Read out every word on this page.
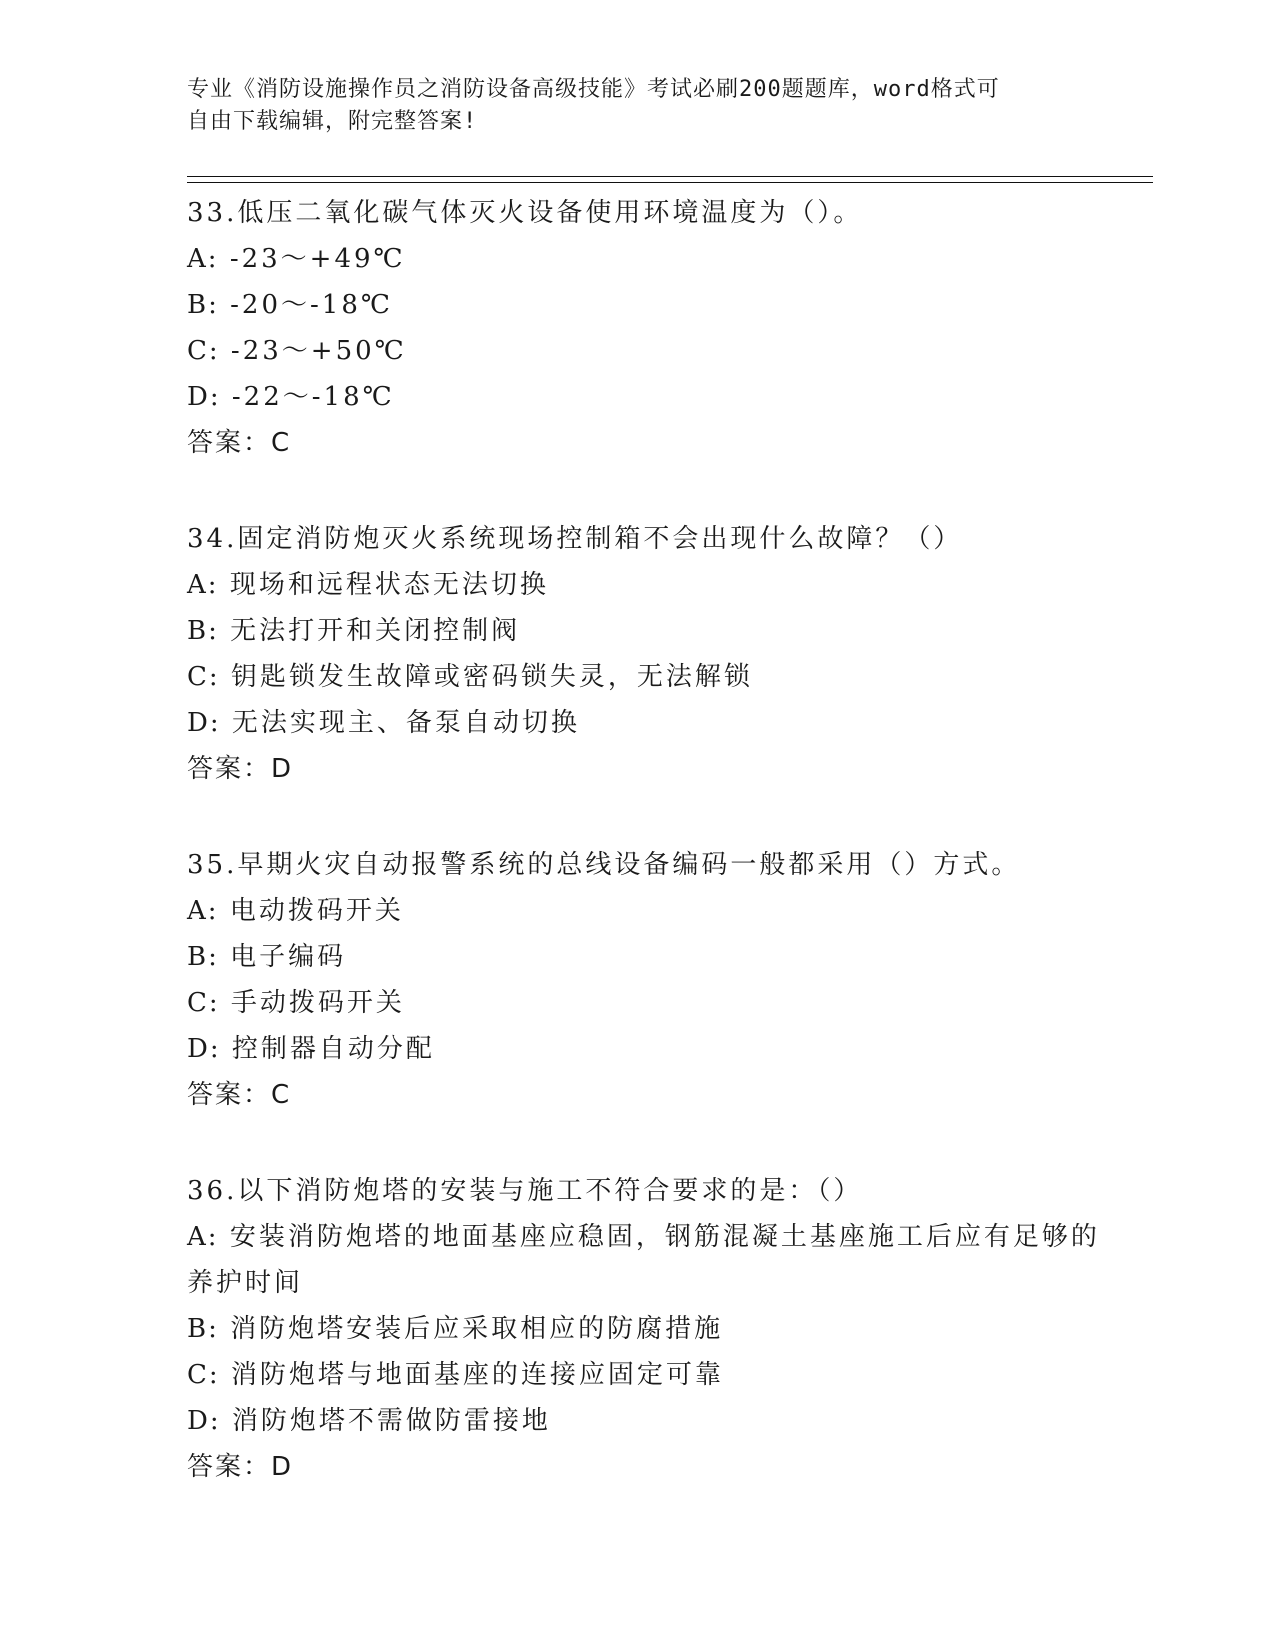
专业《消防设施操作员之消防设备高级技能》考试必刷200题题库，word格式可
自由下载编辑，附完整答案!
33.低压二氧化碳气体灭火设备使用环境温度为（）。
A: -23～+49℃
B: -20～-18℃
C: -23～+50℃
D: -22～-18℃
答案：C
34.固定消防炮灭火系统现场控制箱不会出现什么故障？（）
A: 现场和远程状态无法切换
B: 无法打开和关闭控制阀
C: 钥匙锁发生故障或密码锁失灵，无法解锁
D: 无法实现主、备泵自动切换
答案：D
35.早期火灾自动报警系统的总线设备编码一般都采用（）方式。
A: 电动拨码开关
B: 电子编码
C: 手动拨码开关
D: 控制器自动分配
答案：C
36.以下消防炮塔的安装与施工不符合要求的是：（）
A: 安装消防炮塔的地面基座应稳固，钢筋混凝土基座施工后应有足够的养护时间
B: 消防炮塔安装后应采取相应的防腐措施
C: 消防炮塔与地面基座的连接应固定可靠
D: 消防炮塔不需做防雷接地
答案：D
